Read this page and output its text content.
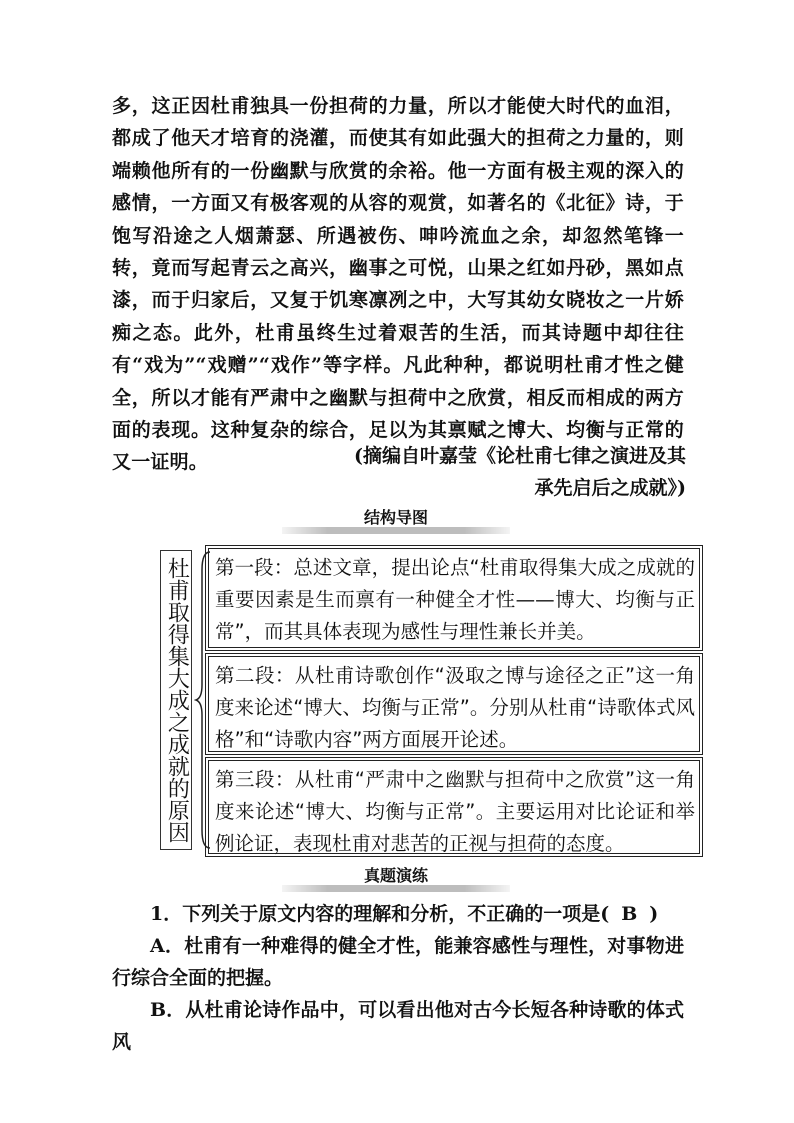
多，这正因杜甫独具一份担荷的力量，所以才能使大时代的血泪，都成了他天才培育的浇灌，而使其有如此强大的担荷之力量的，则端赖他所有的一份幽默与欣赏的余裕。他一方面有极主观的深入的感情，一方面又有极客观的从容的观赏，如著名的《北征》诗，于饱写沿途之人烟萧瑟、所遇被伤、呻吟流血之余，却忽然笔锋一转，竟而写起青云之高兴，幽事之可悦，山果之红如丹砂，黑如点漆，而于归家后，又复于饥寒凛冽之中，大写其幼女晓妆之一片娇痴之态。此外，杜甫虽终生过着艰苦的生活，而其诗题中却往往有“戏为”“戏赠”“戏作”等字样。凡此种种，都说明杜甫才性之健全，所以才能有严肃中之幽默与担荷中之欣赏，相反而相成的两方面的表现。这种复杂的综合，足以为其禀赋之博大、均衡与正常的又一证明。	(摘编自叶嘉莹《论杜甫七律之演进及其
承先启后之成就》)
结构导图
杜甫取得集大成之成就的原因	第一段：总述文章，提出论点“杜甫取得集大成之成就的重要因素是生而禀有一种健全才性——博大、均衡与正常”，而其具体表现为感性与理性兼长并美。
第二段：从杜甫诗歌创作“汲取之博与途径之正”这一角度来论述“博大、均衡与正常”。分别从杜甫“诗歌体式风格”和“诗歌内容”两方面展开论述。
第三段：从杜甫“严肃中之幽默与担荷中之欣赏”这一角度来论述“博大、均衡与正常”。主要运用对比论证和举例论证，表现杜甫对悲苦的正视与担荷的态度。
真题演练
1．下列关于原文内容的理解和分析，不正确的一项是( B )
A．杜甫有一种难得的健全才性，能兼容感性与理性，对事物进行综合全面的把握。
B．从杜甫论诗作品中，可以看出他对古今长短各种诗歌的体式风
